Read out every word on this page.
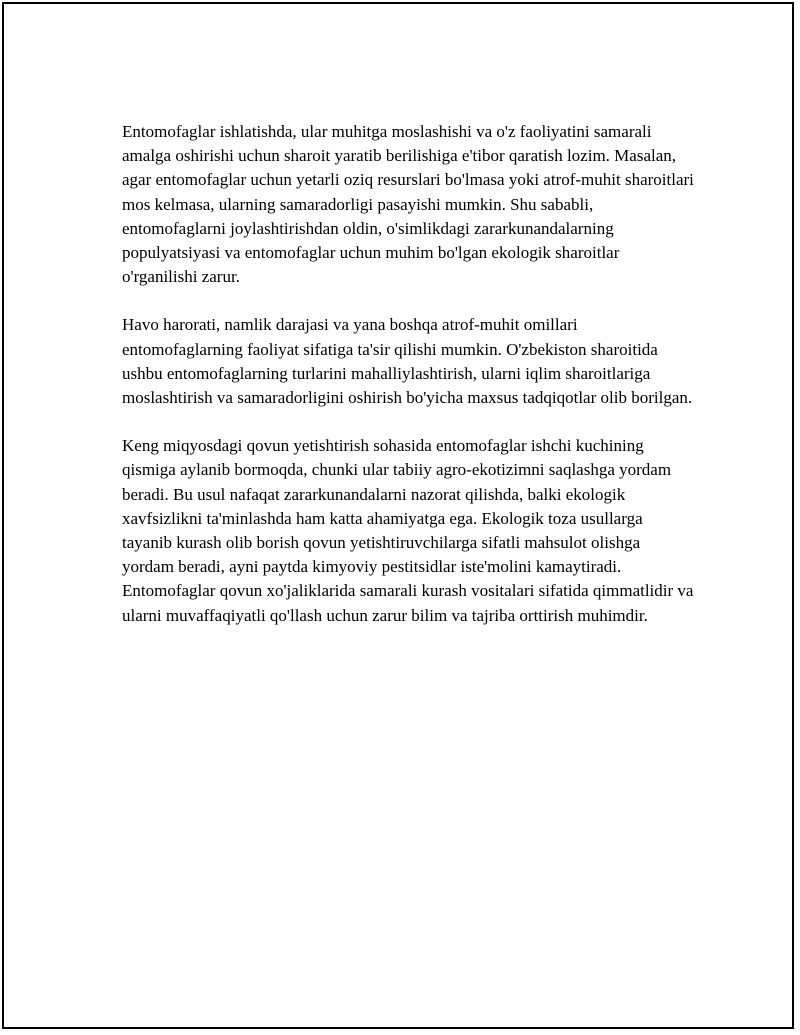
Entomofaglar ishlatishda, ular muhitga moslashishi va o'z faoliyatini samarali amalga oshirishi uchun sharoit yaratib berilishiga e'tibor qaratish lozim. Masalan, agar entomofaglar uchun yetarli oziq resurslari bo'lmasa yoki atrof-muhit sharoitlari mos kelmasa, ularning samaradorligi pasayishi mumkin. Shu sababli, entomofaglarni joylashtirishdan oldin, o'simlikdagi zararkunandalarning populyatsiyasi va entomofaglar uchun muhim bo'lgan ekologik sharoitlar o'rganilishi zarur.

Havo harorati, namlik darajasi va yana boshqa atrof-muhit omillari entomofaglarning faoliyat sifatiga ta'sir qilishi mumkin. O'zbekiston sharoitida ushbu entomofaglarning turlarini mahalliylashtirish, ularni iqlim sharoitlariga moslashtirish va samaradorligini oshirish bo'yicha maxsus tadqiqotlar olib borilgan.

Keng miqyosdagi qovun yetishtirish sohasida entomofaglar ishchi kuchining qismiga aylanib bormoqda, chunki ular tabiiy agro-ekotizimni saqlashga yordam beradi. Bu usul nafaqat zararkunandalarni nazorat qilishda, balki ekologik xavfsizlikni ta'minlashda ham katta ahamiyatga ega. Ekologik toza usullarga tayanib kurash olib borish qovun yetishtiruvchilarga sifatli mahsulot olishga yordam beradi, ayni paytda kimyoviy pestitsidlar iste'molini kamaytiradi. Entomofaglar qovun xo'jaliklarida samarali kurash vositalari sifatida qimmatlidir va ularni muvaffaqiyatli qo'llash uchun zarur bilim va tajriba orttirish muhimdir.
